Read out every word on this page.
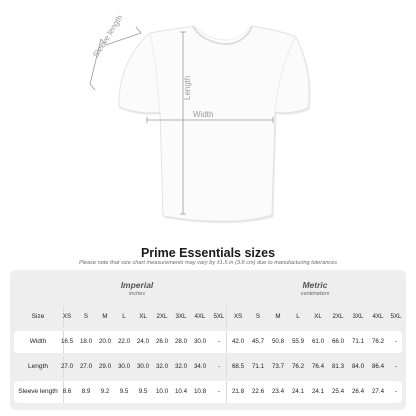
Sleeve length
Length
Width
Prime Essentials sizes
Please note that size chart measurements may vary by ±1.5 in (3.8 cm) due to manufacturing tolerances
Imperial
inches
Metric
centimeters
Size	XS	S	M	L	XL	2XL	3XL	4XL	5XL	XS	S	M	L	XL	2XL	3XL	4XL	5XL
Width	16.5	18.0	20.0	22.0	24.0	26.0	28.0	30.0	-	42.0	45.7	50.8	55.9	61.0	66.0	71.1	76.2	-
Length	27.0	27.0	29.0	30.0	30.0	32.0	32.0	34.0	-	68.5	71.1	73.7	76.2	76.4	81.3	84.0	86.4	-
Sleeve length 8.6	8.9	9.2	9.5	9.5	10.0	10.4	10.8	-	21.8	22.6	23.4	24.1	24.1	25.4	26.4	27.4	-
